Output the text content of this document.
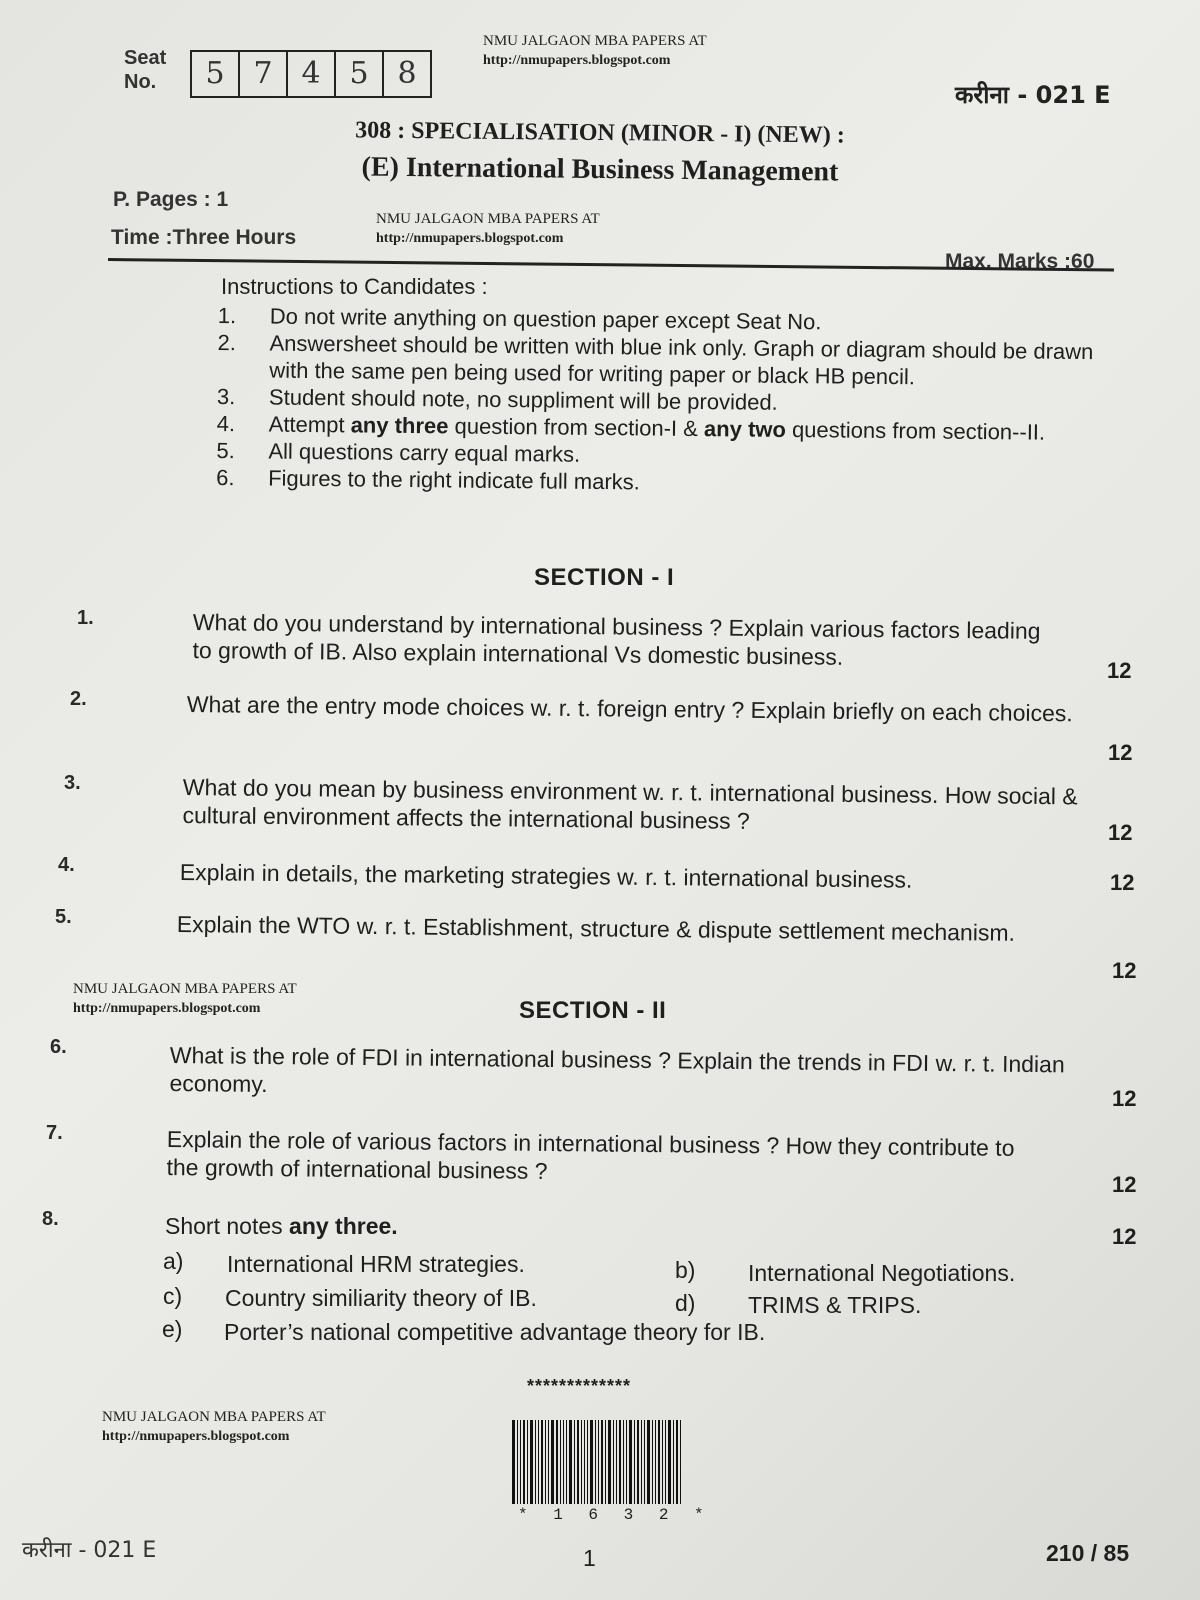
Seat
No.	5 7 4 5 8
NMU JALGAON MBA PAPERS AT
http://nmupapers.blogspot.com
करीना - 021 E
308 : SPECIALISATION (MINOR - I) (NEW) :
(E) International Business Management
P. Pages : 1
Time :Three Hours
NMU JALGAON MBA PAPERS AT
http://nmupapers.blogspot.com
Max. Marks :60
Instructions to Candidates :
1.	Do not write anything on question paper except Seat No.
2.	Answersheet should be written with blue ink only. Graph or diagram should be drawn with the same pen being used for writing paper or black HB pencil.
3.	Student should note, no suppliment will be provided.
4.	Attempt any three question from section-I & any two questions from section--II.
5.	All questions carry equal marks.
6.	Figures to the right indicate full marks.
SECTION - I
1.	What do you understand by international business ? Explain various factors leading to growth of IB. Also explain international Vs domestic business.
12
2.	What are the entry mode choices w. r. t. foreign entry ? Explain briefly on each choices.
12
3.	What do you mean by business environment w. r. t. international business. How social & cultural environment affects the international business ?	12
4.	Explain in details, the marketing strategies w. r. t. international business.	12
5.	Explain the WTO w. r. t. Establishment, structure & dispute settlement mechanism.
12
NMU JALGAON MBA PAPERS AT
http://nmupapers.blogspot.com	SECTION - II
6.	What is the role of FDI in international business ? Explain the trends in FDI w. r. t. Indian economy.
12
7.	Explain the role of various factors in international business ? How they contribute to the growth of international business ?
12
8.	Short notes any three.	12
a) International HRM strategies.	b) International Negotiations.
c) Country similiarity theory of IB.	d) TRIMS & TRIPS.
e) Porter’s national competitive advantage theory for IB.
*************
NMU JALGAON MBA PAPERS AT
http://nmupapers.blogspot.com
* 1 6 3 2 *
करीना - 021 E	1	210 / 85
